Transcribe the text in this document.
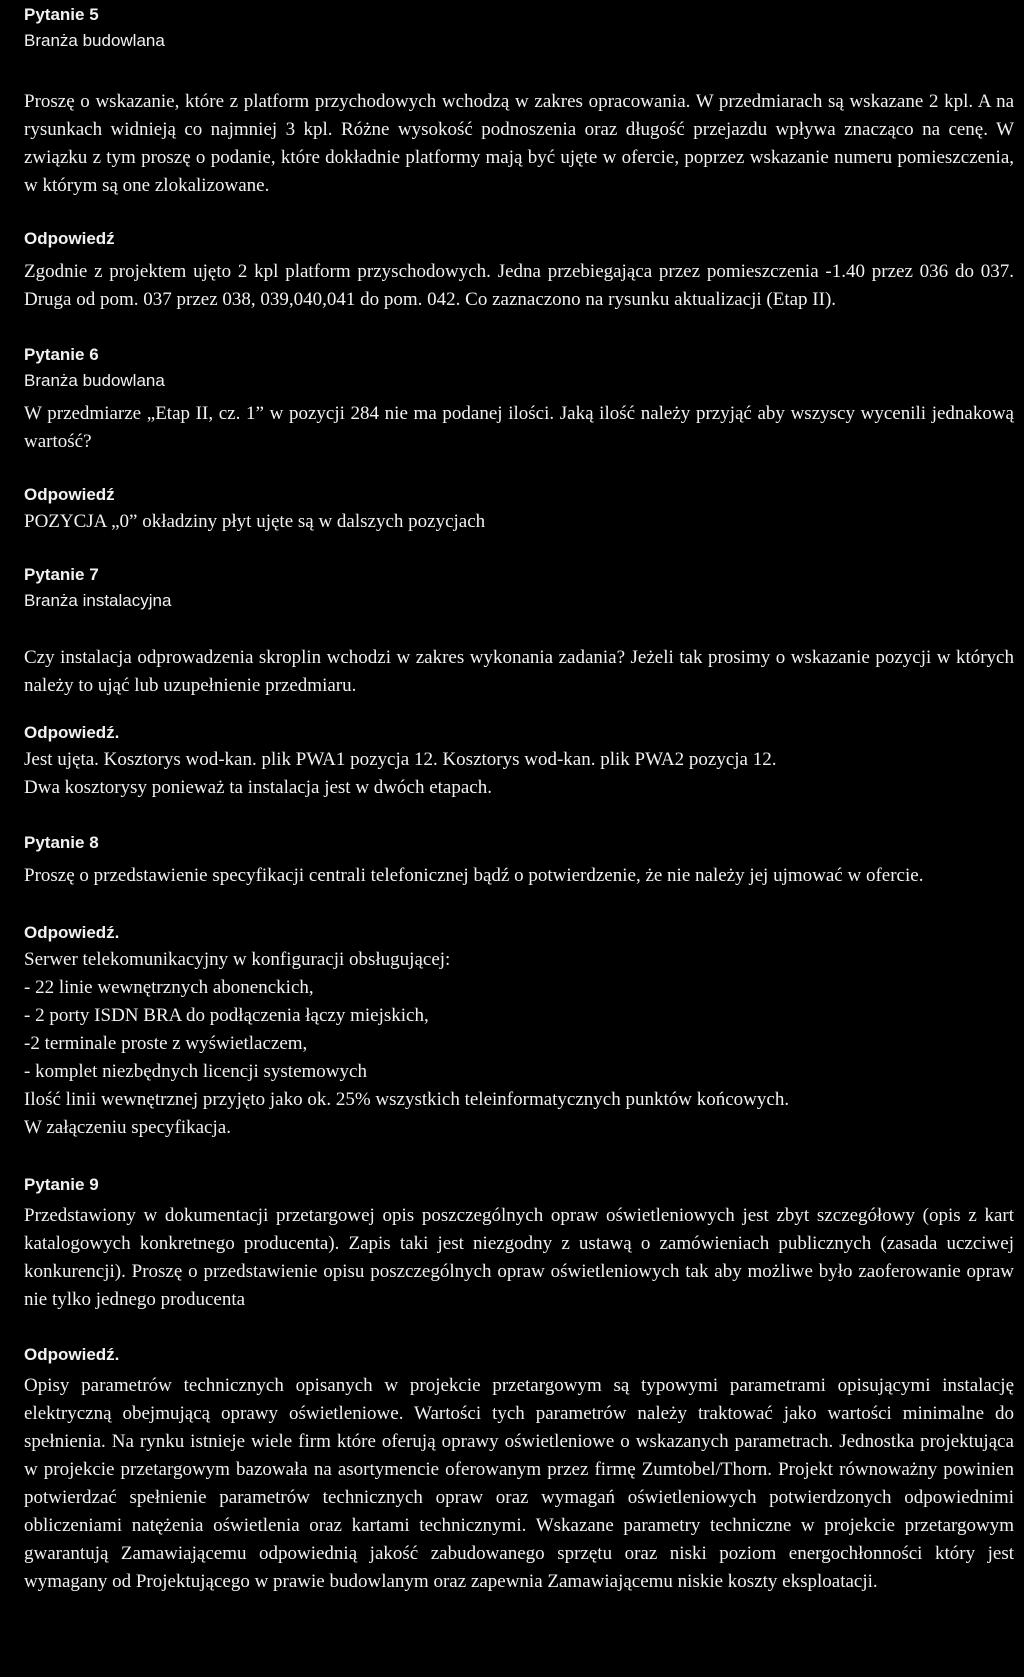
Pytanie 5
Branża budowlana

Proszę o wskazanie, które z platform przychodowych wchodzą w zakres opracowania. W przedmiarach są wskazane 2 kpl. A na rysunkach widnieją co najmniej 3 kpl. Różne wysokość podnoszenia oraz długość przejazdu wpływa znacząco na cenę. W związku z tym proszę o podanie, które dokładnie platformy mają być ujęte w ofercie, poprzez wskazanie numeru pomieszczenia, w którym są one zlokalizowane.

Odpowiedź

Zgodnie z projektem ujęto 2 kpl platform przyschodowych. Jedna przebiegająca przez pomieszczenia -1.40 przez 036 do 037. Druga od pom. 037 przez 038, 039,040,041 do pom. 042. Co zaznaczono na rysunku aktualizacji (Etap II).

Pytanie 6
Branża budowlana

W przedmiarze „Etap II, cz. 1” w pozycji 284 nie ma podanej ilości. Jaką ilość należy przyjąć aby wszyscy wycenili jednakową wartość?

Odpowiedź

POZYCJA „0” okładziny płyt ujęte są w dalszych pozycjach

Pytanie 7
Branża instalacyjna

Czy instalacja odprowadzenia skroplin wchodzi w zakres wykonania zadania? Jeżeli tak prosimy o wskazanie pozycji w których należy to ująć lub uzupełnienie przedmiaru.

Odpowiedź.

Jest ujęta. Kosztorys wod-kan. plik PWA1 pozycja 12. Kosztorys wod-kan. plik PWA2 pozycja 12.

Dwa kosztorysy ponieważ ta instalacja jest w dwóch etapach.

Pytanie 8

Proszę o przedstawienie specyfikacji centrali telefonicznej bądź o potwierdzenie, że nie należy jej ujmować w ofercie.

Odpowiedź.

Serwer telekomunikacyjny w konfiguracji obsługującej:

- 22 linie wewnętrznych abonenckich,

- 2 porty ISDN BRA do podłączenia łączy miejskich,

-2 terminale proste z wyświetlaczem,

- komplet niezbędnych licencji systemowych

Ilość linii wewnętrznej przyjęto jako ok. 25% wszystkich teleinformatycznych punktów końcowych.

W załączeniu specyfikacja.

Pytanie 9

Przedstawiony w dokumentacji przetargowej opis poszczególnych opraw oświetleniowych jest zbyt szczegółowy (opis z kart katalogowych konkretnego producenta). Zapis taki jest niezgodny z ustawą o zamówieniach publicznych (zasada uczciwej konkurencji). Proszę o przedstawienie opisu poszczególnych opraw oświetleniowych tak aby możliwe było zaoferowanie opraw nie tylko jednego producenta

Odpowiedź.

Opisy parametrów technicznych opisanych w projekcie przetargowym są typowymi parametrami opisującymi instalację elektryczną obejmującą oprawy oświetleniowe. Wartości tych parametrów należy traktować jako wartości minimalne do spełnienia. Na rynku istnieje wiele firm które oferują oprawy oświetleniowe o wskazanych parametrach. Jednostka projektująca w projekcie przetargowym bazowała na asortymencie oferowanym przez firmę Zumtobel/Thorn. Projekt równoważny powinien potwierdzać spełnienie parametrów technicznych opraw oraz wymagań oświetleniowych potwierdzonych odpowiednimi obliczeniami natężenia oświetlenia oraz kartami technicznymi. Wskazane parametry techniczne w projekcie przetargowym gwarantują Zamawiającemu odpowiednią jakość zabudowanego sprzętu oraz niski poziom energochłonności który jest wymagany od Projektującego w prawie budowlanym oraz zapewnia Zamawiającemu niskie koszty eksploatacji.
